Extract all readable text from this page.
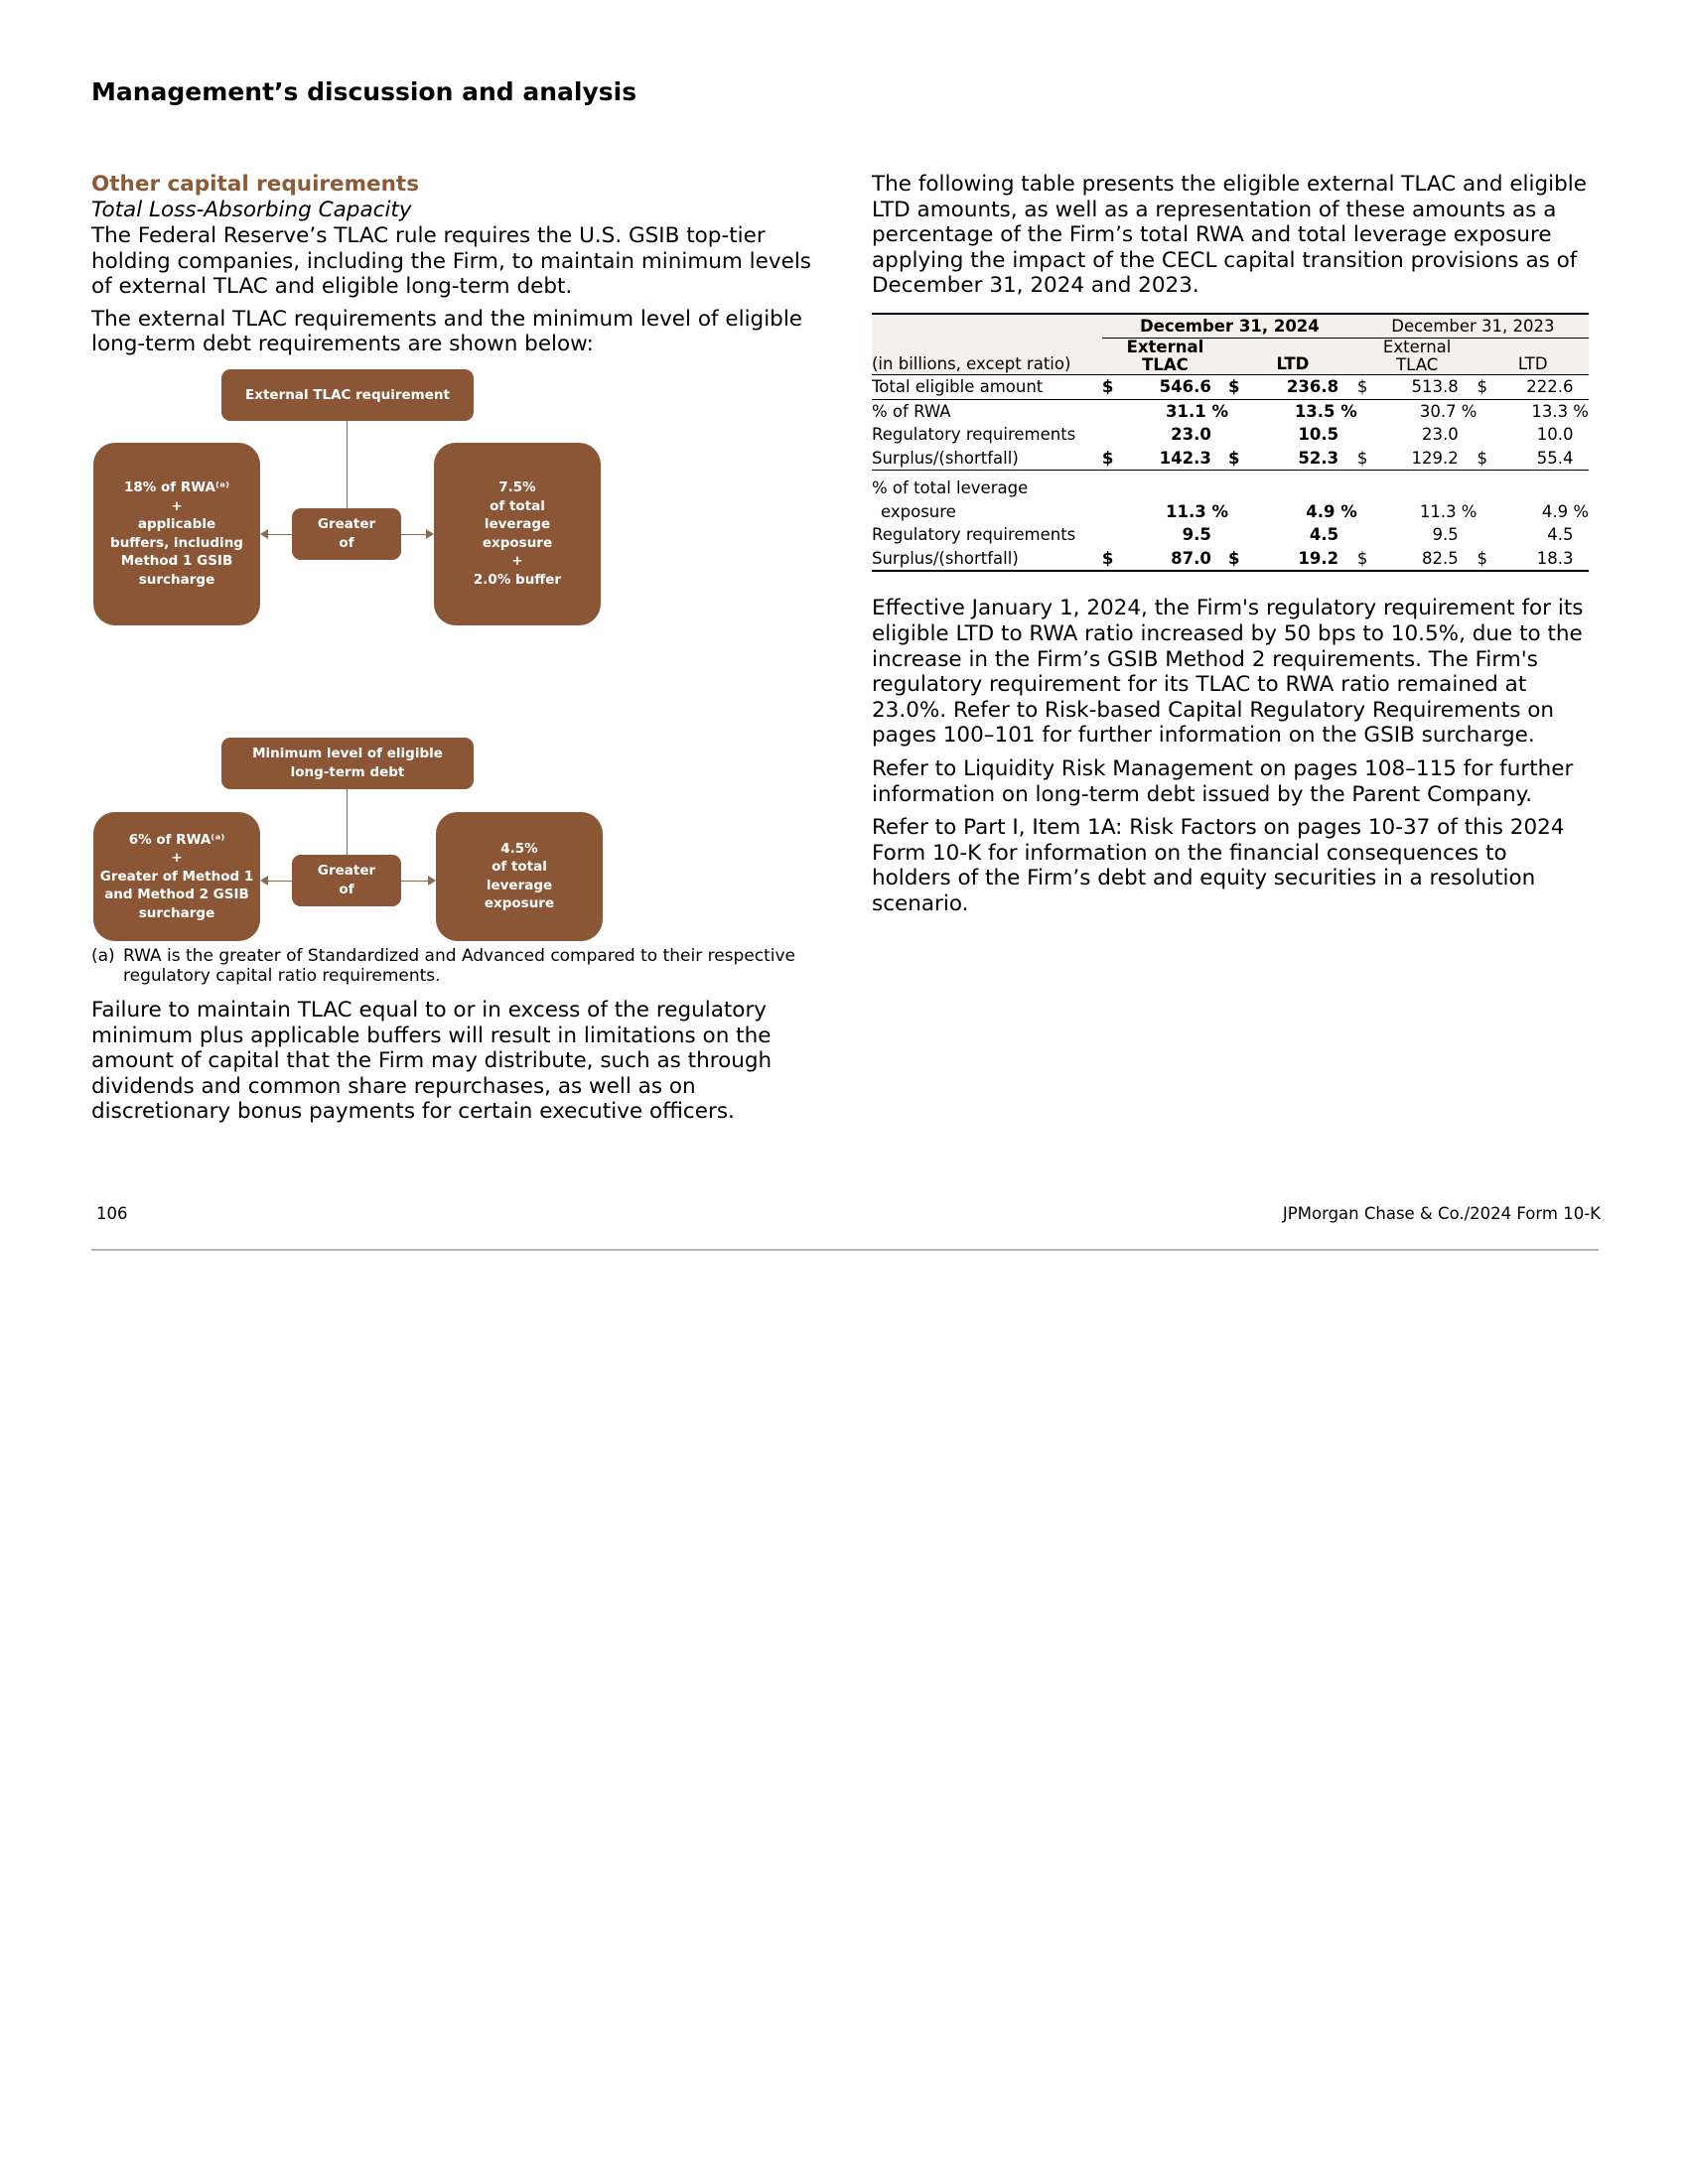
Management’s discussion and analysis
Other capital requirements
Total Loss-Absorbing Capacity

The Federal Reserve’s TLAC rule requires the U.S. GSIB top-tier holding companies, including the Firm, to maintain minimum levels of external TLAC and eligible long-term debt.

The external TLAC requirements and the minimum level of eligible long-term debt requirements are shown below:

External TLAC requirement
18% of RWA⁽ᵃ⁾
+
applicable
buffers, including
Method 1 GSIB
surcharge
Greater
of
7.5%
of total
leverage
exposure
+
2.0% buffer
Minimum level of eligible
long-term debt
6% of RWA⁽ᵃ⁾
+
Greater of Method 1
and Method 2 GSIB
surcharge
Greater
of
4.5%
of total
leverage
exposure
(a) RWA is the greater of Standardized and Advanced compared to their respective regulatory capital ratio requirements.

Failure to maintain TLAC equal to or in excess of the regulatory minimum plus applicable buffers will result in limitations on the amount of capital that the Firm may distribute, such as through dividends and common share repurchases, as well as on discretionary bonus payments for certain executive officers.

The following table presents the eligible external TLAC and eligible LTD amounts, as well as a representation of these amounts as a percentage of the Firm’s total RWA and total leverage exposure applying the impact of the CECL capital transition provisions as of December 31, 2024 and 2023.

	December 31, 2024						December 31, 2023					
(in billions, except ratio)	External
TLAC			LTD			External
TLAC			LTD		
Total eligible amount	$	546.6		$	236.8		$	513.8		$	222.6	
% of RWA		31.1 %			13.5 %			30.7 %			13.3 %	
Regulatory requirements		23.0			10.5			23.0			10.0	
Surplus/(shortfall)	$	142.3		$	52.3		$	129.2		$	55.4	

% of total leverage												
exposure		11.3 %			4.9 %			11.3 %			4.9 %	
Regulatory requirements		9.5			4.5			9.5			4.5	
Surplus/(shortfall)	$	87.0		$	19.2		$	82.5		$	18.3	

Effective January 1, 2024, the Firm's regulatory requirement for its eligible LTD to RWA ratio increased by 50 bps to 10.5%, due to the increase in the Firm’s GSIB Method 2 requirements. The Firm's regulatory requirement for its TLAC to RWA ratio remained at 23.0%. Refer to Risk-based Capital Regulatory Requirements on pages 100–101 for further information on the GSIB surcharge.

Refer to Liquidity Risk Management on pages 108–115 for further information on long-term debt issued by the Parent Company.

Refer to Part I, Item 1A: Risk Factors on pages 10-37 of this 2024 Form 10-K for information on the financial consequences to holders of the Firm’s debt and equity securities in a resolution scenario.

106	JPMorgan Chase & Co./2024 Form 10-K
